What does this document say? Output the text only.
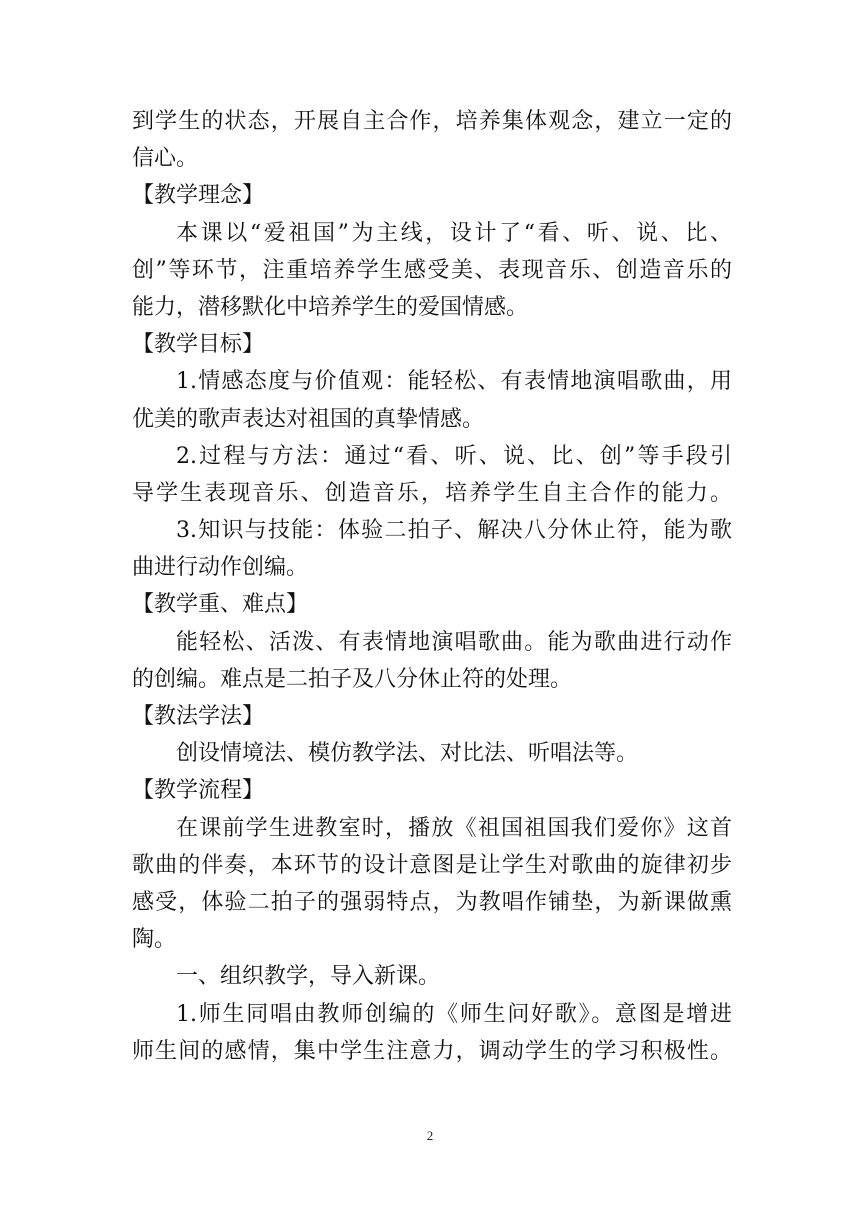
到学生的状态，开展自主合作，培养集体观念，建立一定的
信心。
【教学理念】
本课以“爱祖国”为主线，设计了“看、听、说、比、
创”等环节，注重培养学生感受美、表现音乐、创造音乐的
能力，潜移默化中培养学生的爱国情感。
【教学目标】
1.情感态度与价值观：能轻松、有表情地演唱歌曲，用
优美的歌声表达对祖国的真挚情感。
2.过程与方法：通过“看、听、说、比、创”等手段引
导学生表现音乐、创造音乐，培养学生自主合作的能力。
3.知识与技能：体验二拍子、解决八分休止符，能为歌
曲进行动作创编。
【教学重、难点】
能轻松、活泼、有表情地演唱歌曲。能为歌曲进行动作
的创编。难点是二拍子及八分休止符的处理。
【教法学法】
创设情境法、模仿教学法、对比法、听唱法等。
【教学流程】
在课前学生进教室时，播放《祖国祖国我们爱你》这首
歌曲的伴奏，本环节的设计意图是让学生对歌曲的旋律初步
感受，体验二拍子的强弱特点，为教唱作铺垫，为新课做熏
陶。
一、组织教学，导入新课。
1.师生同唱由教师创编的《师生问好歌》。意图是增进
师生间的感情，集中学生注意力，调动学生的学习积极性。
2
